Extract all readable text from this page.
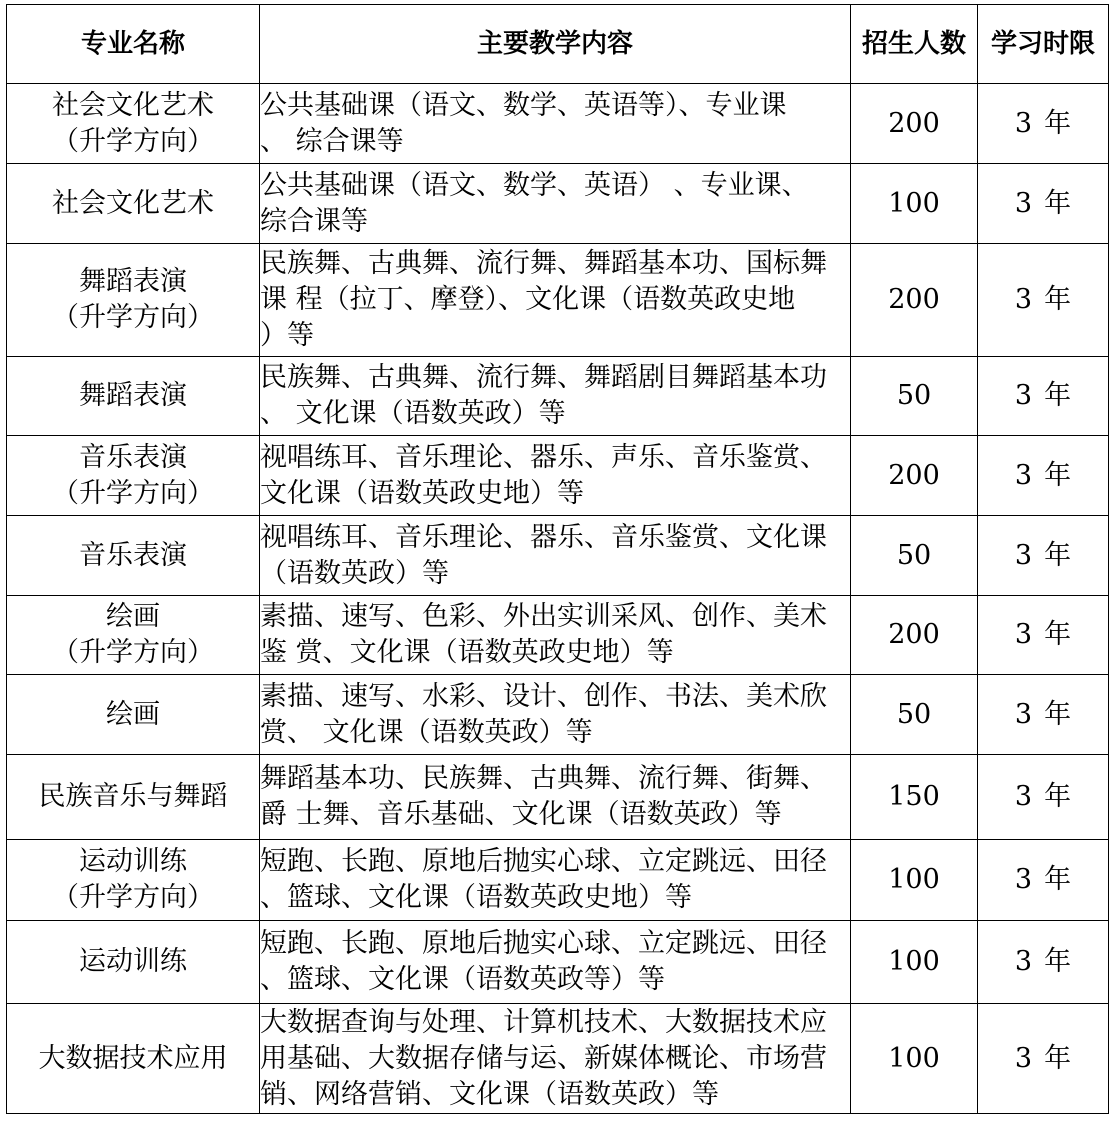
专业名称	主要教学内容	招生人数	学习时限

社会文化艺术
（升学方向）	公共基础课（语文、数学、英语等）、专业课
、 综合课等	200	3 年

社会文化艺术	公共基础课（语文、数学、英语） 、专业课、
综合课等	100	3 年

舞蹈表演
（升学方向）	民族舞、古典舞、流行舞、舞蹈基本功、国标舞
课 程（拉丁、摩登）、文化课（语数英政史地
）等	200	3 年

舞蹈表演	民族舞、古典舞、流行舞、舞蹈剧目舞蹈基本功
、 文化课（语数英政）等	50	3 年

音乐表演
（升学方向）	视唱练耳、音乐理论、器乐、声乐、音乐鉴赏、
文化课（语数英政史地）等	200	3 年

音乐表演	视唱练耳、音乐理论、器乐、音乐鉴赏、文化课
（语数英政）等	50	3 年

绘画
（升学方向）	素描、速写、色彩、外出实训采风、创作、美术
鉴 赏、文化课（语数英政史地）等	200	3 年

绘画	素描、速写、水彩、设计、创作、书法、美术欣
赏、 文化课（语数英政）等	50	3 年

民族音乐与舞蹈	舞蹈基本功、民族舞、古典舞、流行舞、街舞、
爵 士舞、音乐基础、文化课（语数英政）等	150	3 年

运动训练
（升学方向）	短跑、长跑、原地后抛实心球、立定跳远、田径
、篮球、文化课（语数英政史地）等	100	3 年

运动训练	短跑、长跑、原地后抛实心球、立定跳远、田径
、篮球、文化课（语数英政等）等	100	3 年

大数据技术应用	大数据查询与处理、计算机技术、大数据技术应
用基础、大数据存储与运、新媒体概论、市场营
销、网络营销、文化课（语数英政）等	100	3 年
